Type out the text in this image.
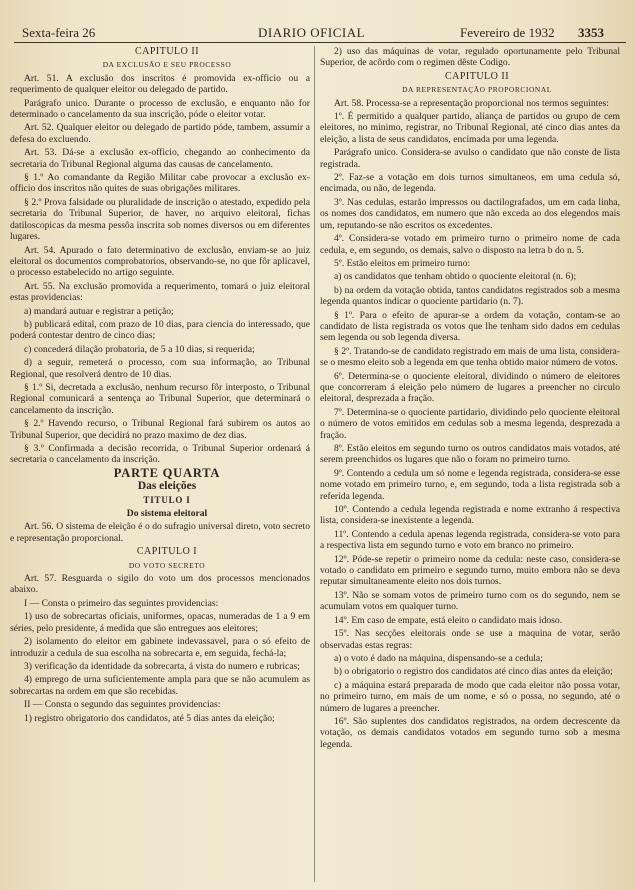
Sexta-feira 26	DIARIO OFICIAL	Fevereiro de 1932 3353

CAPITULO II

DA EXCLUSÃO E SEU PROCESSO

Art. 51. A exclusão dos inscritos é promovida ex-officio ou a requerimento de qualquer eleitor ou delegado de partido.

Parágrafo unico. Durante o processo de exclusão, e enquanto não for determinado o cancelamento da sua inscrição, póde o eleitor votar.

Art. 52. Qualquer eleitor ou delegado de partido póde, tambem, assumir a defesa do excluendo.

Art. 53. Dá-se a exclusão ex-officio, chegando ao conhecimento da secretaria do Tribunal Regional alguma das causas de cancelamento.

§ 1.º Ao comandante da Região Militar cabe provocar a exclusão ex-officio dos inscritos não quites de suas obrigações militares.

§ 2.º Prova falsidade ou pluralidade de inscrição o atestado, expedido pela secretaria do Tribunal Superior, de haver, no arquivo eleitoral, fichas datiloscopicas da mesma pessôa inscrita sob nomes diversos ou em diferentes lugares.

Art. 54. Apurado o fato determinativo de exclusão, enviam-se ao juiz eleitoral os documentos comprobatorios, observando-se, no que fôr aplicavel, o processo estabelecido no artigo seguinte.

Art. 55. Na exclusão promovida a requerimento, tomará o juiz eleitoral estas providencias:

a) mandará autuar e registrar a petição;

b) publicará edital, com prazo de 10 dias, para ciencia do interessado, que poderá contestar dentro de cinco dias;

c) concederá dilação probatoria, de 5 a 10 dias, si requerida;

d) a seguir, remeterá o processo, com sua informação, ao Tribunal Regional, que resolverá dentro de 10 dias.

§ 1.º Si, decretada a exclusão, nenhum recurso fôr interposto, o Tribunal Regional comunicará a sentença ao Tribunal Superior, que determinará o cancelamento da inscrição.

§ 2.º Havendo recurso, o Tribunal Regional fará subirem os autos ao Tribunal Superior, que decidirá no prazo maximo de dez dias.

§ 3.º Confirmada a decisão recorrida, o Tribunal Superior ordenará á secretaria o cancelamento da inscrição.

PARTE QUARTA

Das eleições

TITULO I

Do sistema eleitoral

Art. 56. O sistema de eleição é o do sufragio universal direto, voto secreto e representação proporcional.

CAPITULO I

DO VOTO SECRETO

Art. 57. Resguarda o sigilo do voto um dos processos mencionados abaixo.

I — Consta o primeiro das seguintes providencias:

1) uso de sobrecartas oficiais, uniformes, opacas, numeradas de 1 a 9 em séries, pelo presidente, á medida que são entregues aos eleitores;

2) isolamento do eleitor em gabinete indevassavel, para o só efeito de introduzir a cedula de sua escolha na sobrecarta e, em seguida, fechá-la;

3) verificação da identidade da sobrecarta, á vista do numero e rubricas;

4) emprego de urna suficientemente ampla para que se não acumulem as sobrecartas na ordem em que são recebidas.

II — Consta o segundo das seguintes providencias:

1) registro obrigatorio dos candidatos, até 5 dias antes da eleição;

2) uso das máquinas de votar, regulado oportunamente pelo Tribunal Superior, de acôrdo com o regimen dêste Codigo.

CAPITULO II

DA REPRESENTAÇÃO PROPORCIONAL

Art. 58. Processa-se a representação proporcional nos termos seguintes:

1º. É permitido a qualquer partido, aliança de partidos ou grupo de cem eleitores, no minimo, registrar, no Tribunal Regional, até cinco dias antes da eleição, a lista de seus candidatos, encimada por uma legenda.

Parágrafo unico. Considera-se avulso o candidato que não conste de lista registrada.

2º. Faz-se a votação em dois turnos simultaneos, em uma cedula só, encimada, ou não, de legenda.

3º. Nas cedulas, estarão impressos ou dactilografados, um em cada linha, os nomes dos candidatos, em numero que não exceda ao dos elegendos mais um, reputando-se não escritos os excedentes.

4º. Considera-se votado em primeiro turno o primeiro nome de cada cedula, e, em segundo, os demais, salvo o disposto na letra b do n. 5.

5º. Estão eleitos em primeiro turno:

a) os candidatos que tenham obtido o quociente eleitoral (n. 6);

b) na ordem da votação obtida, tantos candidatos registrados sob a mesma legenda quantos indicar o quociente partidario (n. 7).

§ 1º. Para o efeito de apurar-se a ordem da votação, contam-se ao candidato de lista registrada os votos que lhe tenham sido dados em cedulas sem legenda ou sob legenda diversa.

§ 2º. Tratando-se de candidato registrado em mais de uma lista, considera-se o mesmo eleito sob a legenda em que tenha obtido maior número de votos.

6º. Determina-se o quociente eleitoral, dividindo o número de eleitores que concorreram á eleição pelo número de lugares a preencher no circulo eleitoral, desprezada a fração.

7º. Determina-se o quociente partidario, dividindo pelo quociente eleitoral o número de votos emitidos em cedulas sob a mesma legenda, desprezada a fração.

8º. Estão eleitos em segundo turno os outros candidatos mais votados, até serem preenchidos os lugares que não o foram no primeiro turno.

9º. Contendo a cedula um só nome e legenda registrada, considera-se esse nome votado em primeiro turno, e, em segundo, toda a lista registrada sob a referida legenda.

10º. Contendo a cedula legenda registrada e nome extranho á respectiva lista, considera-se inexistente a legenda.

11º. Contendo a cedula apenas legenda registrada, considera-se voto para a respectiva lista em segundo turno e voto em branco no primeiro.

12º. Póde-se repetir o primeiro nome da cedula: neste caso, considera-se votado o candidato em primeiro e segundo turno, muito embora não se deva reputar simultaneamente eleito nos dois turnos.

13º. Não se somam votos de primeiro turno com os do segundo, nem se acumulam votos em qualquer turno.

14º. Em caso de empate, está eleito o candidato mais idoso.

15º. Nas secções eleitorais onde se use a maquina de votar, serão observadas estas regras:

a) o voto é dado na máquina, dispensando-se a cedula;

b) o obrigatorio o registro dos candidatos até cinco dias antes da eleição;

c) a máquina estará preparada de modo que cada eleitor não possa votar, no primeiro turno, em mais de um nome, e só o possa, no segundo, até o número de lugares a preencher.

16º. São suplentes dos candidatos registrados, na ordem decrescente da votação, os demais candidatos votados em segundo turno sob a mesma legenda.
